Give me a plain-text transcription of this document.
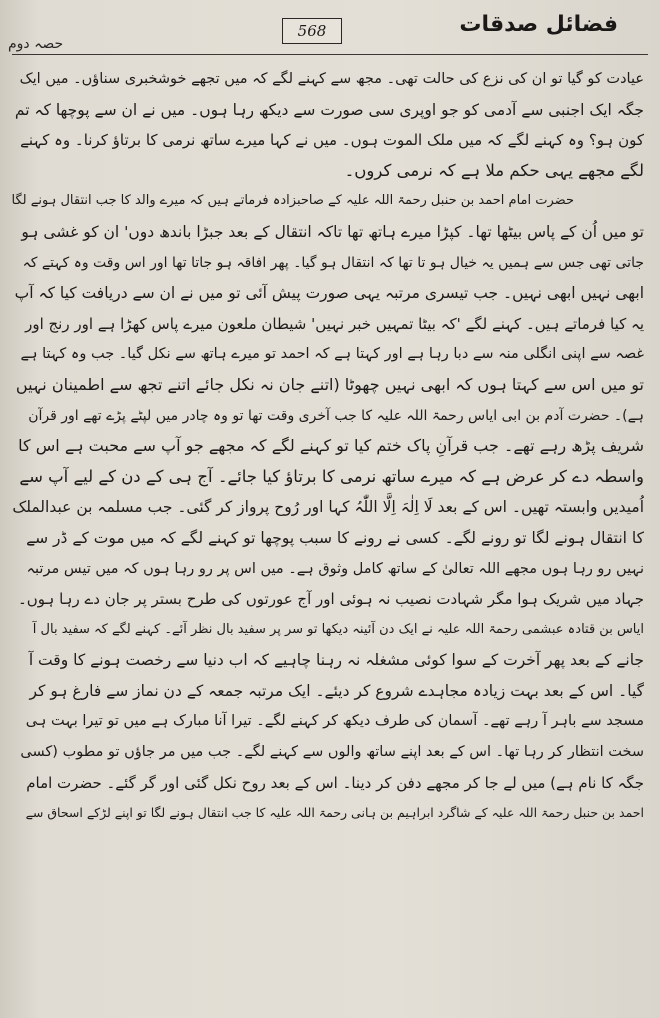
فضائل صدقات
568
حصہ دوم
عیادت کو گیا تو ان کی نزع کی حالت تھی۔ مجھ سے کہنے لگے کہ میں تجھے خوشخبری سناؤں۔ میں ایک
جگہ ایک اجنبی سے آدمی کو جو اوپری سی صورت سے دیکھ رہا ہوں۔ میں نے ان سے پوچھا کہ تم
کون ہو؟ وہ کہنے لگے کہ میں ملک الموت ہوں۔ میں نے کہا میرے ساتھ نرمی کا برتاؤ کرنا۔ وہ کہنے
لگے مجھے یہی حکم ملا ہے کہ نرمی کروں۔
حضرت امام احمد بن حنبل رحمۃ اللہ علیہ کے صاحبزادہ فرماتے ہیں کہ میرے والد کا جب انتقال ہونے لگا
تو میں اُن کے پاس بیٹھا تھا۔ کپڑا میرے ہاتھ تھا تاکہ انتقال کے بعد جبڑا باندھ دوں' ان کو غشی ہو
جاتی تھی جس سے ہمیں یہ خیال ہو تا تھا کہ انتقال ہو گیا۔ پھر افاقہ ہو جاتا تھا اور اس وقت وہ کہتے کہ
ابھی نہیں ابھی نہیں۔ جب تیسری مرتبہ یہی صورت پیش آئی تو میں نے ان سے دریافت کیا کہ آپ
یہ کیا فرماتے ہیں۔ کہنے لگے 'کہ بیٹا تمہیں خبر نہیں' شیطان ملعون میرے پاس کھڑا ہے اور رنج اور
غصہ سے اپنی انگلی منہ سے دبا رہا ہے اور کہتا ہے کہ احمد تو میرے ہاتھ سے نکل گیا۔ جب وہ کہتا ہے
تو میں اس سے کہتا ہوں کہ ابھی نہیں چھوٹا (اتنے جان نہ نکل جائے اتنے تجھ سے اطمینان نہیں
ہے)۔ حضرت آدم بن ابی ایاس رحمۃ اللہ علیہ کا جب آخری وقت تھا تو وہ چادر میں لپٹے پڑے تھے اور قرآن
شریف پڑھ رہے تھے۔ جب قرآنِ پاک ختم کیا تو کہنے لگے کہ مجھے جو آپ سے محبت ہے اس کا
واسطہ دے کر عرض ہے کہ میرے ساتھ نرمی کا برتاؤ کیا جائے۔ آج ہی کے دن کے لیے آپ سے
اُمیدیں وابستہ تھیں۔ اس کے بعد لَا اِلٰہَ اِلَّا اللّٰہُ کہا اور رُوح پرواز کر گئی۔ جب مسلمہ بن عبدالملک
کا انتقال ہونے لگا تو رونے لگے۔ کسی نے رونے کا سبب پوچھا تو کہنے لگے کہ میں موت کے ڈر سے
نہیں رو رہا ہوں مجھے اللہ تعالیٰ کے ساتھ کامل وثوق ہے۔ میں اس پر رو رہا ہوں کہ میں تیس مرتبہ
جہاد میں شریک ہوا مگر شہادت نصیب نہ ہوئی اور آج عورتوں کی طرح بستر پر جان دے رہا ہوں۔
ایاس بن قتادہ عبشمی رحمۃ اللہ علیہ نے ایک دن آئینہ دیکھا تو سر پر سفید بال نظر آئے۔ کہنے لگے کہ سفید بال آ
جانے کے بعد پھر آخرت کے سوا کوئی مشغلہ نہ رہنا چاہیے کہ اب دنیا سے رخصت ہونے کا وقت آ
گیا۔ اس کے بعد بہت زیادہ مجاہدے شروع کر دیئے۔ ایک مرتبہ جمعہ کے دن نماز سے فارغ ہو کر
مسجد سے باہر آ رہے تھے۔ آسمان کی طرف دیکھ کر کہنے لگے۔ تیرا آنا مبارک ہے میں تو تیرا بہت ہی
سخت انتظار کر رہا تھا۔ اس کے بعد اپنے ساتھ والوں سے کہنے لگے۔ جب میں مر جاؤں تو مطوب (کسی
جگہ کا نام ہے) میں لے جا کر مجھے دفن کر دینا۔ اس کے بعد روح نکل گئی اور گر گئے۔ حضرت امام
احمد بن حنبل رحمۃ اللہ علیہ کے شاگرد ابراہیم بن ہانی رحمۃ اللہ علیہ کا جب انتقال ہونے لگا تو اپنے لڑکے اسحاق سے
